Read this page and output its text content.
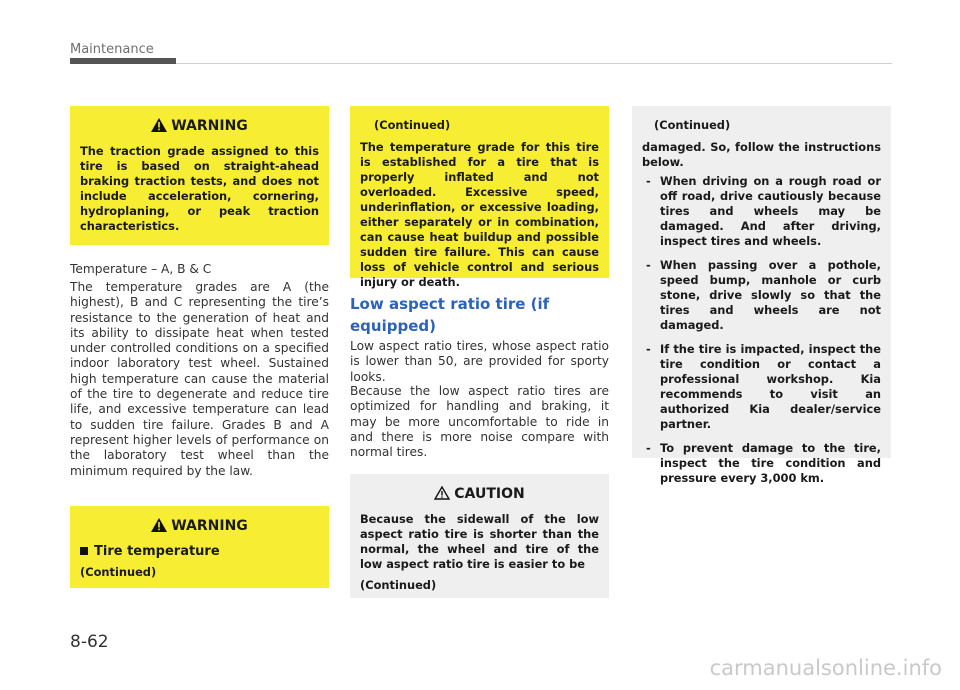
Maintenance
WARNING
The traction grade assigned to this tire is based on straight-ahead braking traction tests, and does not include acceleration, cornering, hydroplaning, or peak traction characteristics.
Temperature – A, B & C
The temperature grades are A (the highest), B and C representing the tire’s resistance to the generation of heat and its ability to dissipate heat when tested under controlled conditions on a specified indoor laboratory test wheel. Sustained high temperature can cause the material of the tire to degenerate and reduce tire life, and excessive temperature can lead to sudden tire failure. Grades B and A represent higher levels of performance on the laboratory test wheel than the minimum required by the law.
WARNING
Tire temperature
(Continued)
(Continued)
The temperature grade for this tire is established for a tire that is properly inflated and not overloaded. Excessive speed, underinflation, or excessive loading, either separately or in combination, can cause heat buildup and possible sudden tire failure. This can cause loss of vehicle control and serious injury or death.
Low aspect ratio tire (if equipped)
Low aspect ratio tires, whose aspect ratio is lower than 50, are provided for sporty looks.
Because the low aspect ratio tires are optimized for handling and braking, it may be more uncomfortable to ride in and there is more noise compare with normal tires.
CAUTION
Because the sidewall of the low aspect ratio tire is shorter than the normal, the wheel and tire of the low aspect ratio tire is easier to be
(Continued)
(Continued)
damaged. So, follow the instructions below.
- When driving on a rough road or off road, drive cautiously because tires and wheels may be damaged. And after driving, inspect tires and wheels.
- When passing over a pothole, speed bump, manhole or curb stone, drive slowly so that the tires and wheels are not damaged.
- If the tire is impacted, inspect the tire condition or contact a professional workshop. Kia recommends to visit an authorized Kia dealer/service partner.
- To prevent damage to the tire, inspect the tire condition and pressure every 3,000 km.
8-62
carmanualsonline.info
